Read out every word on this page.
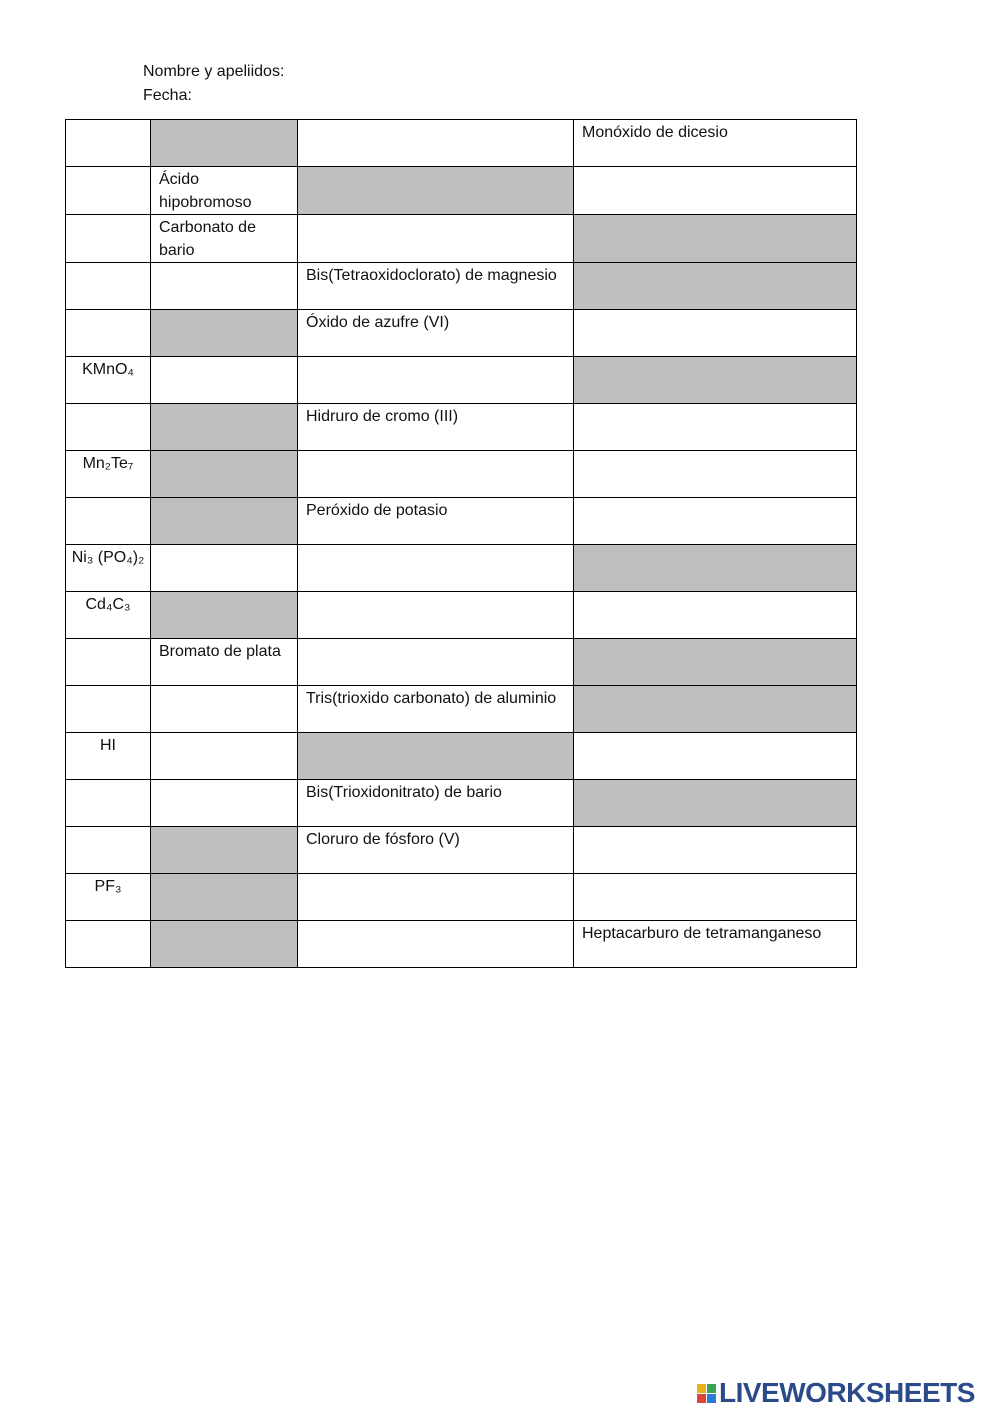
Nombre y apeliidos:
Fecha:

			Monóxido de dicesio

	Ácido hipobromoso		

	Carbonato de bario		

		Bis(Tetraoxidoclorato) de magnesio	

		Óxido de azufre (VI)	

KMnO₄			

		Hidruro de cromo (III)	

Mn₂Te₇			

		Peróxido de potasio	

Ni₃ (PO₄)₂			

Cd₄C₃			

	Bromato de plata		

		Tris(trioxido carbonato) de aluminio	

HI			

		Bis(Trioxidonitrato) de bario	

		Cloruro de fósforo (V)	

PF₃			

			Heptacarburo de tetramanganeso
LIVEWORKSHEETS
